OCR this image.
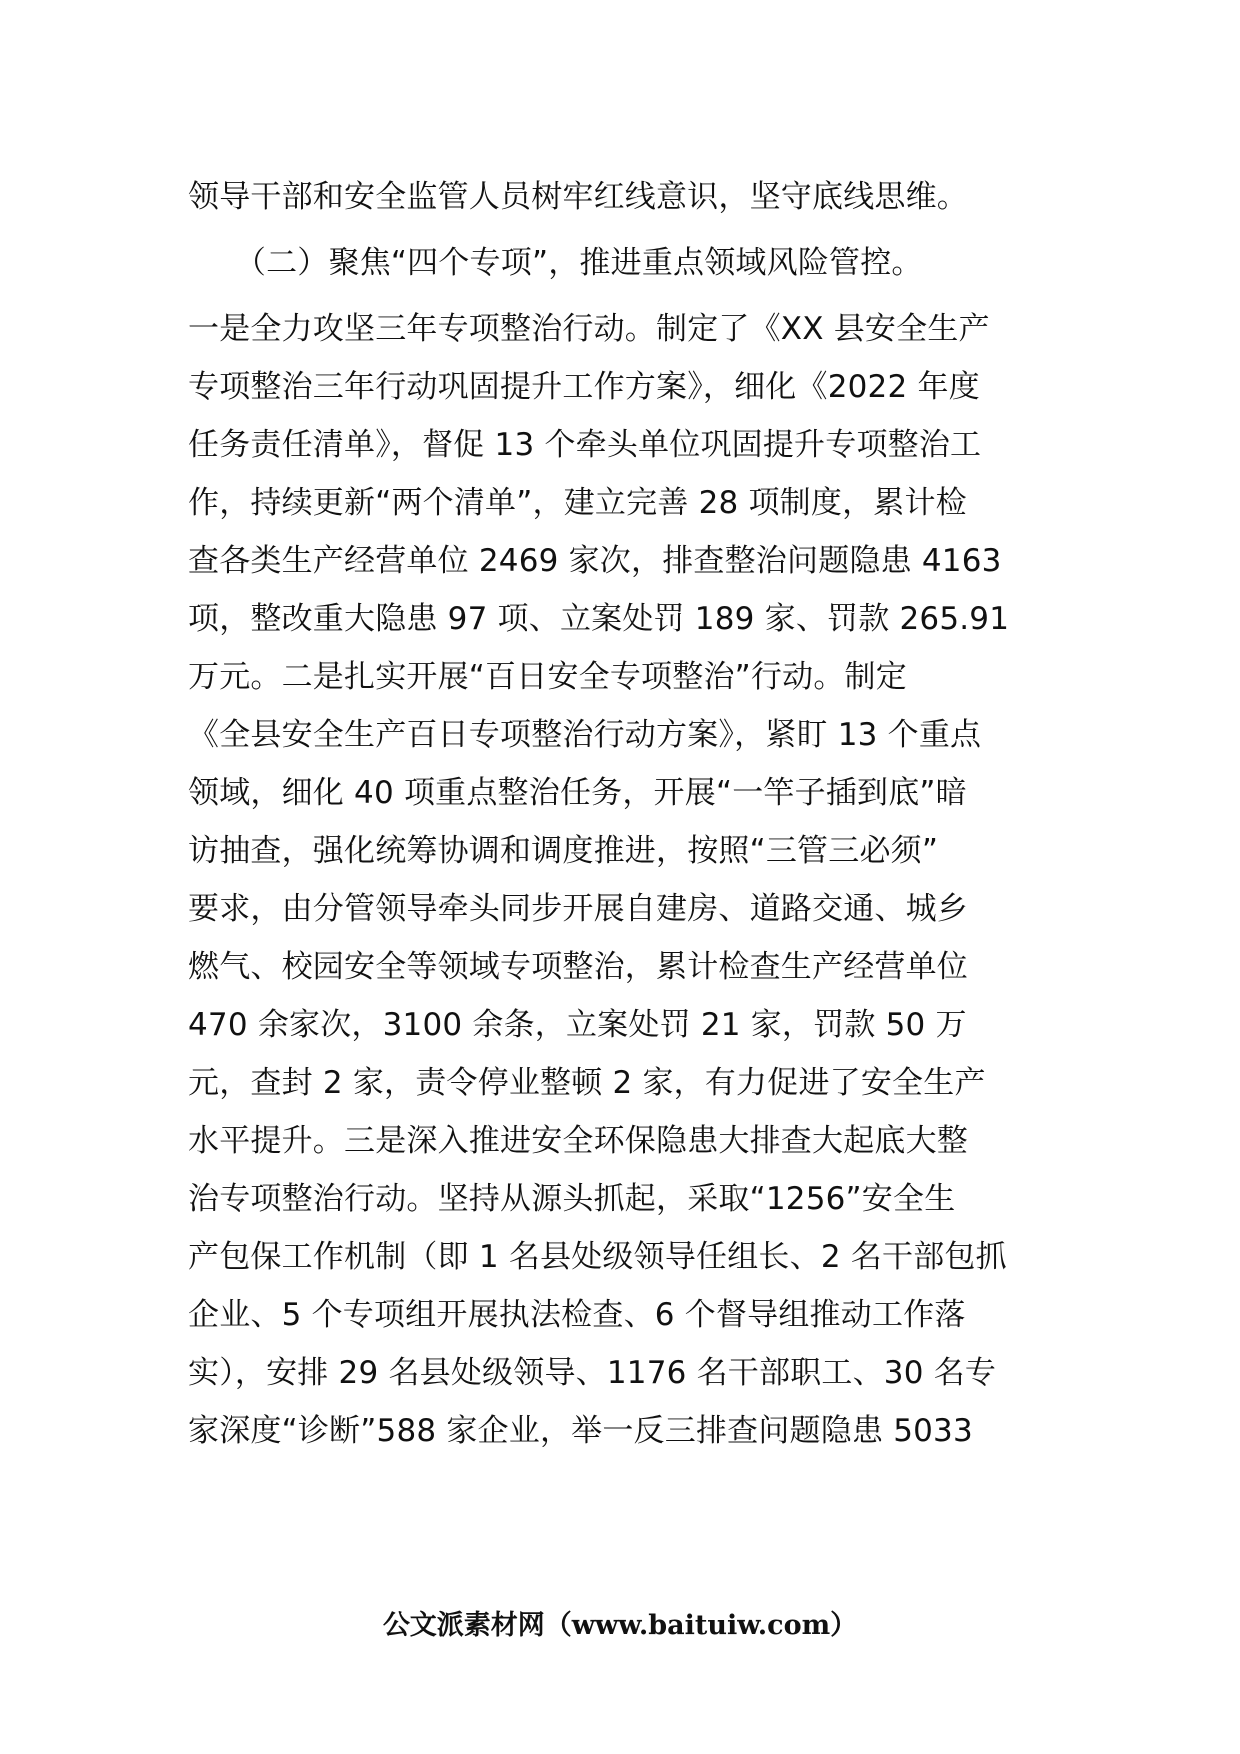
领导干部和安全监管人员树牢红线意识，坚守底线思维。
　　（二）聚焦“四个专项”，推进重点领域风险管控。
一是全力攻坚三年专项整治行动。制定了《XX 县安全生产
专项整治三年行动巩固提升工作方案》，细化《2022 年度
任务责任清单》，督促 13 个牵头单位巩固提升专项整治工
作，持续更新“两个清单”，建立完善 28 项制度，累计检
查各类生产经营单位 2469 家次，排查整治问题隐患 4163
项，整改重大隐患 97 项、立案处罚 189 家、罚款 265.91
万元。二是扎实开展“百日安全专项整治”行动。制定
《全县安全生产百日专项整治行动方案》，紧盯 13 个重点
领域，细化 40 项重点整治任务，开展“一竿子插到底”暗
访抽查，强化统筹协调和调度推进，按照“三管三必须”
要求，由分管领导牵头同步开展自建房、道路交通、城乡
燃气、校园安全等领域专项整治，累计检查生产经营单位
470 余家次，3100 余条，立案处罚 21 家，罚款 50 万
元，查封 2 家，责令停业整顿 2 家，有力促进了安全生产
水平提升。三是深入推进安全环保隐患大排查大起底大整
治专项整治行动。坚持从源头抓起，采取“1256”安全生
产包保工作机制（即 1 名县处级领导任组长、2 名干部包抓
企业、5 个专项组开展执法检查、6 个督导组推动工作落
实），安排 29 名县处级领导、1176 名干部职工、30 名专
家深度“诊断”588 家企业，举一反三排查问题隐患 5033
公文派素材网（www.baituiw.com）
